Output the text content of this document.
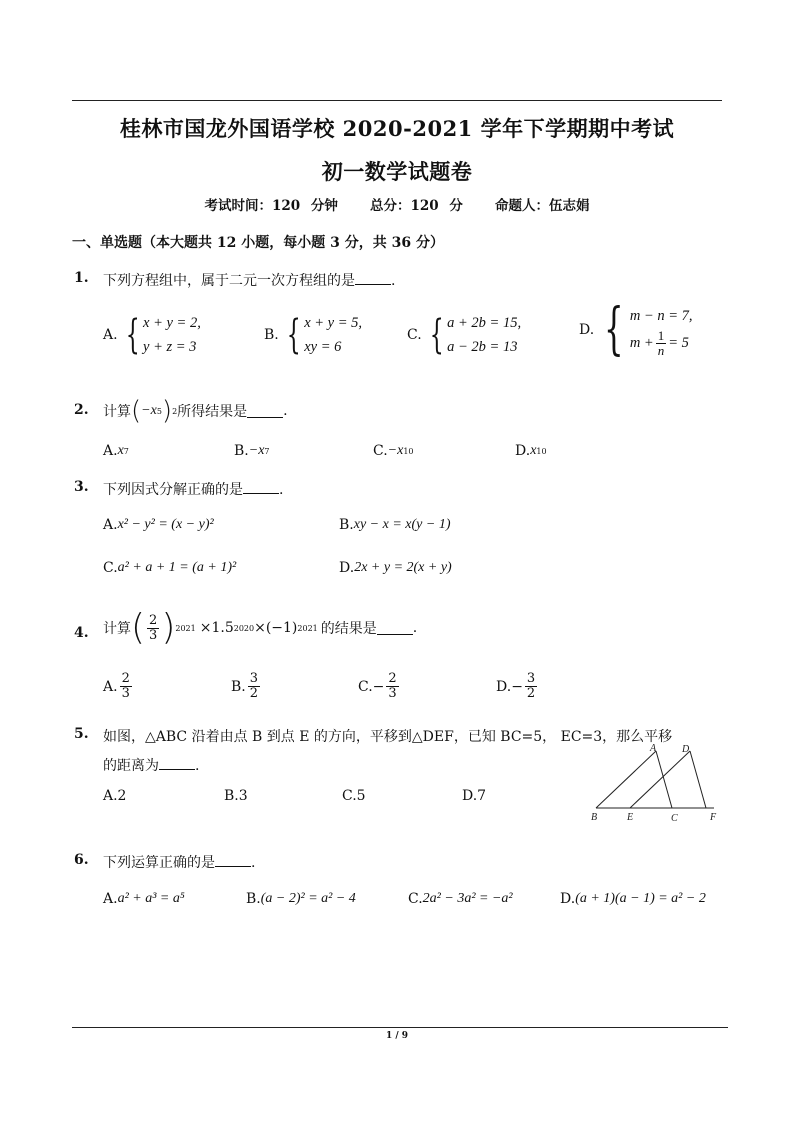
桂林市国龙外国语学校 2020-2021 学年下学期期中考试
初一数学试题卷
考试时间：120 分钟   总分：120 分   命题人：伍志娟
一、单选题（本大题共 12 小题，每小题 3 分，共 36 分）
1. 下列方程组中，属于二元一次方程组的是	.
A. { x + y = 2,
y + z = 3
B. { x + y = 5,
xy = 6
C. { a + 2b = 15,
a − 2b = 13
D. { m − n = 7,
$m + \frac{1}{n} = 5$
2. 计算 ( −x 5 ) 2 所得结果是	.
A. x 7	B. −x 7	C. −x 10	D. x 10
3. 下列因式分解正确的是	.
A. x² − y² = (x − y)²	B. xy − x = x(y − 1)
C. a² + a + 1 = (a + 1)²	D. 2x + y = 2(x + y)
4. 计算 ( $\frac{2}{3}$ ) 2021 ×1.5 2020 ×(−1) 2021 的结果是	.
A. $\frac{2}{3}$	B. $\frac{3}{2}$	C. − $\frac{2}{3}$	D. − $\frac{3}{2}$
5. 如图，△ABC 沿着由点 B 到点 E 的方向，平移到△DEF，已知 BC=5， EC=3，那么平移
的距离为	.
A.2	B.3	C.5	D.7
A	D
B	E	C	F
6. 下列运算正确的是	.
A. a² + a³ = a⁵	B. (a − 2)² = a² − 4	C. 2a² − 3a² = −a²	D. (a + 1)(a − 1) = a² − 2
1 / 9
